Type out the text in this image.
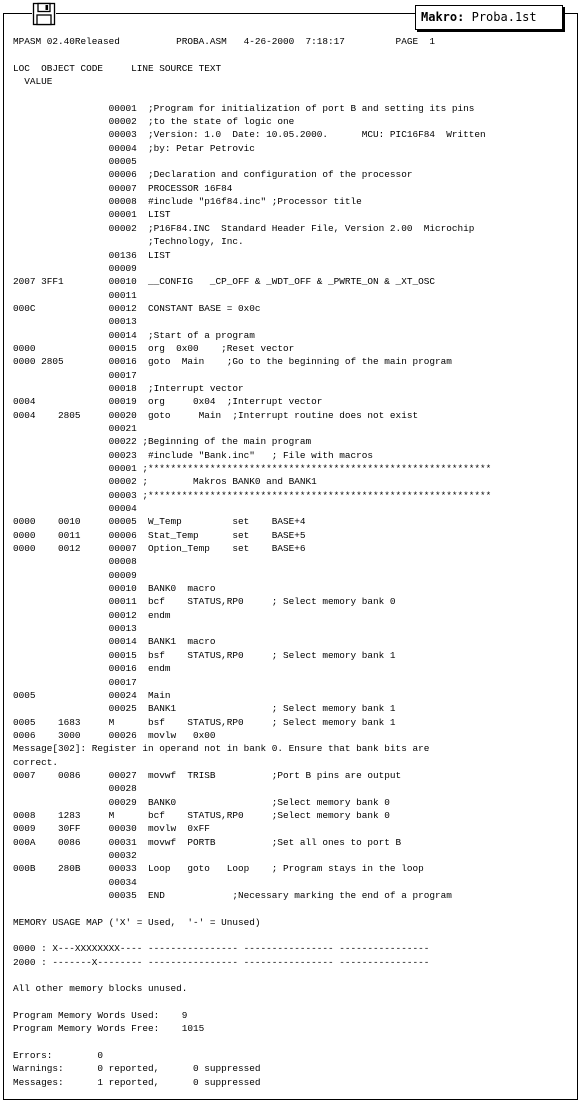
Makro: Proba.1st
MPASM 02.40Released          PROBA.ASM   4-26-2000  7:18:17         PAGE  1
LOC  OBJECT CODE     LINE SOURCE TEXT
VALUE
00001  ;Program for initialization of port B and setting its pins
00002  ;to the state of logic one
00003  ;Version: 1.0  Date: 10.05.2000.      MCU: PIC16F84  Written
00004  ;by: Petar Petrovic
00005
00006  ;Declaration and configuration of the processor
00007  PROCESSOR 16F84
00008  #include "p16f84.inc" ;Processor title
00001  LIST
00002  ;P16F84.INC  Standard Header File, Version 2.00  Microchip
;Technology, Inc.
00136  LIST
00009
2007 3FF1        00010  __CONFIG   _CP_OFF & _WDT_OFF & _PWRTE_ON & _XT_OSC
00011
000C             00012  CONSTANT BASE = 0x0c
00013
00014  ;Start of a program
0000             00015  org  0x00    ;Reset vector
0000 2805        00016  goto  Main    ;Go to the beginning of the main program
00017
00018  ;Interrupt vector
0004             00019  org     0x04  ;Interrupt vector
0004    2805     00020  goto     Main  ;Interrupt routine does not exist
00021
00022 ;Beginning of the main program
00023  #include "Bank.inc"   ; File with macros
00001 ;*************************************************************
00002 ;        Makros BANK0 and BANK1
00003 ;*************************************************************
00004
0000    0010     00005  W_Temp         set    BASE+4
0000    0011     00006  Stat_Temp      set    BASE+5
0000    0012     00007  Option_Temp    set    BASE+6
00008
00009
00010  BANK0  macro
00011  bcf    STATUS,RP0     ; Select memory bank 0
00012  endm
00013
00014  BANK1  macro
00015  bsf    STATUS,RP0     ; Select memory bank 1
00016  endm
00017
0005             00024  Main
00025  BANK1                 ; Select memory bank 1
0005    1683     M      bsf    STATUS,RP0     ; Select memory bank 1
0006    3000     00026  movlw   0x00
Message[302]: Register in operand not in bank 0. Ensure that bank bits are
correct.
0007    0086     00027  movwf  TRISB          ;Port B pins are output
00028
00029  BANK0                 ;Select memory bank 0
0008    1283     M      bcf    STATUS,RP0     ;Select memory bank 0
0009    30FF     00030  movlw  0xFF
000A    0086     00031  movwf  PORTB          ;Set all ones to port B
00032
000B    280B     00033  Loop   goto   Loop    ; Program stays in the loop
00034
00035  END            ;Necessary marking the end of a program
MEMORY USAGE MAP ('X' = Used,  '-' = Unused)
0000 : X---XXXXXXXX---- ---------------- ---------------- ----------------
2000 : -------X-------- ---------------- ---------------- ----------------
All other memory blocks unused.
Program Memory Words Used:    9
Program Memory Words Free:    1015
Errors:        0
Warnings:      0 reported,      0 suppressed
Messages:      1 reported,      0 suppressed
